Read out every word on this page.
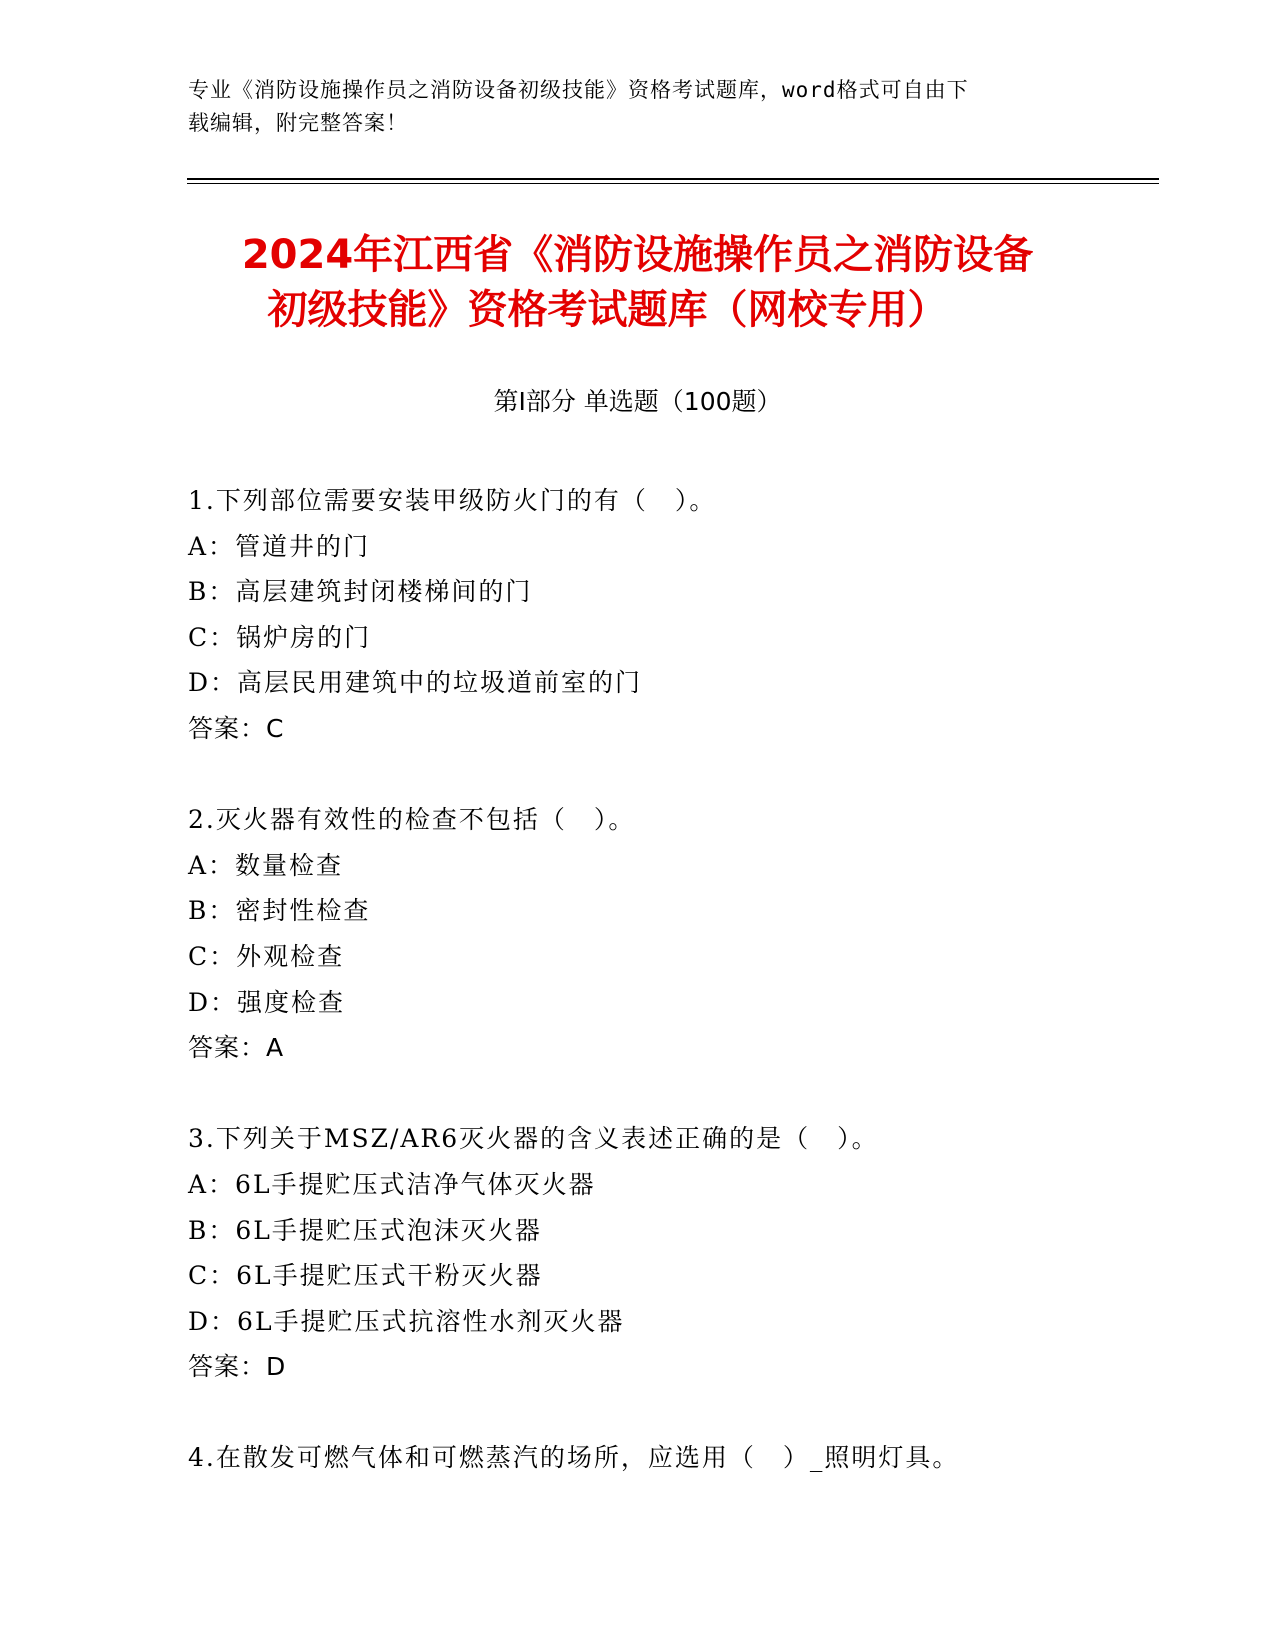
专业《消防设施操作员之消防设备初级技能》资格考试题库，word格式可自由下
载编辑，附完整答案！
2024年江西省《消防设施操作员之消防设备
初级技能》资格考试题库（网校专用）
第Ⅰ部分 单选题（100题）
1.下列部位需要安装甲级防火门的有（　）。
A：管道井的门
B：高层建筑封闭楼梯间的门
C：锅炉房的门
D：高层民用建筑中的垃圾道前室的门
答案：C
2.灭火器有效性的检查不包括（　）。
A：数量检查
B：密封性检查
C：外观检查
D：强度检查
答案：A
3.下列关于MSZ/AR6灭火器的含义表述正确的是（　）。
A：6L手提贮压式洁净气体灭火器
B：6L手提贮压式泡沫灭火器
C：6L手提贮压式干粉灭火器
D：6L手提贮压式抗溶性水剂灭火器
答案：D
4.在散发可燃气体和可燃蒸汽的场所，应选用（　）_照明灯具。
